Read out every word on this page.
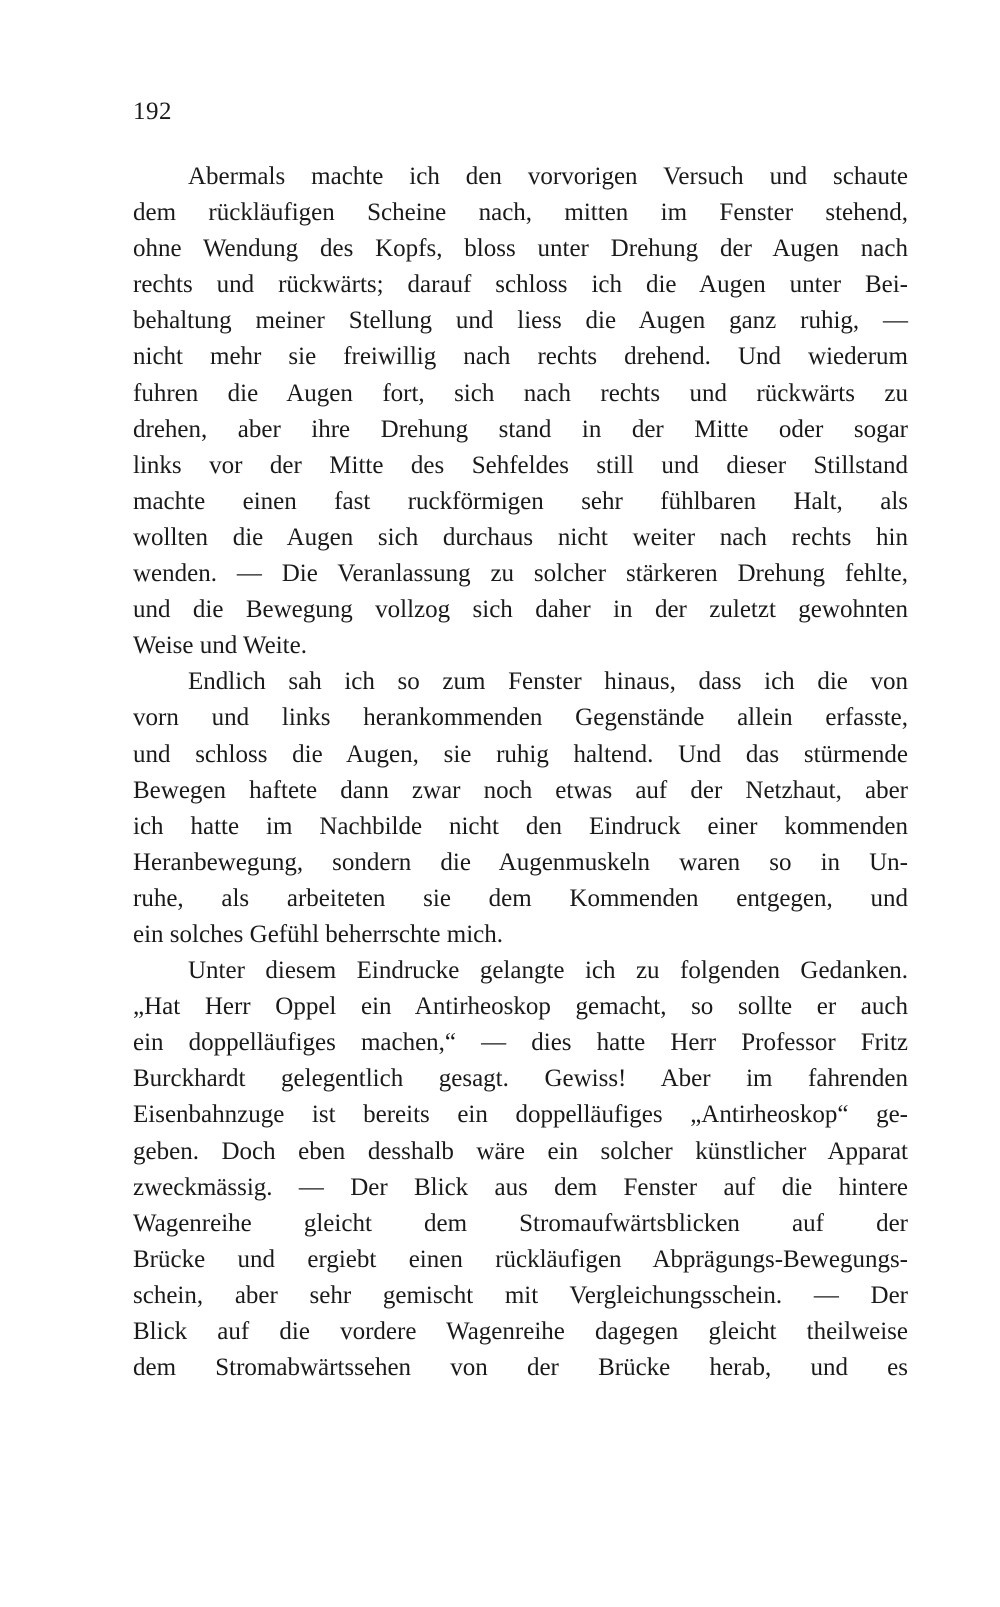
192
Abermals machte ich den vorvorigen Versuch und schaute
dem rückläufigen Scheine nach, mitten im Fenster stehend,
ohne Wendung des Kopfs, bloss unter Drehung der Augen nach
rechts und rückwärts; darauf schloss ich die Augen unter Bei-
behaltung meiner Stellung und liess die Augen ganz ruhig, —
nicht mehr sie freiwillig nach rechts drehend. Und wiederum
fuhren die Augen fort, sich nach rechts und rückwärts zu
drehen, aber ihre Drehung stand in der Mitte oder sogar
links vor der Mitte des Sehfeldes still und dieser Stillstand
machte einen fast ruckförmigen sehr fühlbaren Halt, als
wollten die Augen sich durchaus nicht weiter nach rechts hin
wenden. — Die Veranlassung zu solcher stärkeren Drehung fehlte,
und die Bewegung vollzog sich daher in der zuletzt gewohnten
Weise und Weite.
Endlich sah ich so zum Fenster hinaus, dass ich die von
vorn und links herankommenden Gegenstände allein erfasste,
und schloss die Augen, sie ruhig haltend. Und das stürmende
Bewegen haftete dann zwar noch etwas auf der Netzhaut, aber
ich hatte im Nachbilde nicht den Eindruck einer kommenden
Heranbewegung, sondern die Augenmuskeln waren so in Un-
ruhe, als arbeiteten sie dem Kommenden entgegen, und
ein solches Gefühl beherrschte mich.
Unter diesem Eindrucke gelangte ich zu folgenden Gedanken.
„Hat Herr Oppel ein Antirheoskop gemacht, so sollte er auch
ein doppelläufiges machen,“ — dies hatte Herr Professor Fritz
Burckhardt gelegentlich gesagt. Gewiss! Aber im fahrenden
Eisenbahnzuge ist bereits ein doppelläufiges „Antirheoskop“ ge-
geben. Doch eben desshalb wäre ein solcher künstlicher Apparat
zweckmässig. — Der Blick aus dem Fenster auf die hintere
Wagenreihe gleicht dem Stromaufwärtsblicken auf der
Brücke und ergiebt einen rückläufigen Abprägungs-Bewegungs-
schein, aber sehr gemischt mit Vergleichungsschein. — Der
Blick auf die vordere Wagenreihe dagegen gleicht theilweise
dem Stromabwärtssehen von der Brücke herab, und es
